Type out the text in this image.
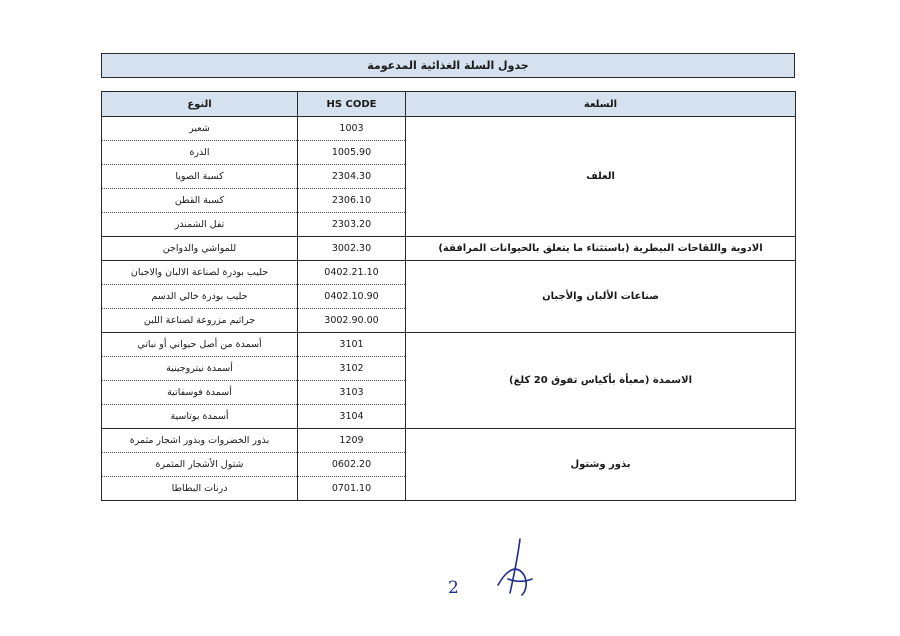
جدول السلة الغذائية المدعومة
السلعة	HS CODE	النوع
العلف	1003	شعير
	1005.90	الذرة
	2304.30	كسبة الصويا
	2306.10	كسبة القطن
	2303.20	تفل الشمندر
الادوية واللقاحات البيطرية (باستثناء ما يتعلق بالحيوانات المرافقة)	3002.30	للمواشي والدواجن
صناعات الألبان والأجبان	0402.21.10	حليب بودرة لصناعة الالبان والاجبان
	0402.10.90	حليب بودرة خالي الدسم
	3002.90.00	جراثيم مزروعة لصناعة اللبن
الاسمدة (معبأة بأكياس تفوق 20 كلغ)	3101	أسمدة من أصل حيواني أو نباتي
	3102	أسمدة نيتروجينية
	3103	أسمدة فوسفاتية
	3104	أسمدة بوتاسية
بذور وشتول	1209	بذور الخضروات وبذور اشجار مثمرة
	0602.20	شتول الأشجار المثمرة
	0701.10	درنات البطاطا
2
